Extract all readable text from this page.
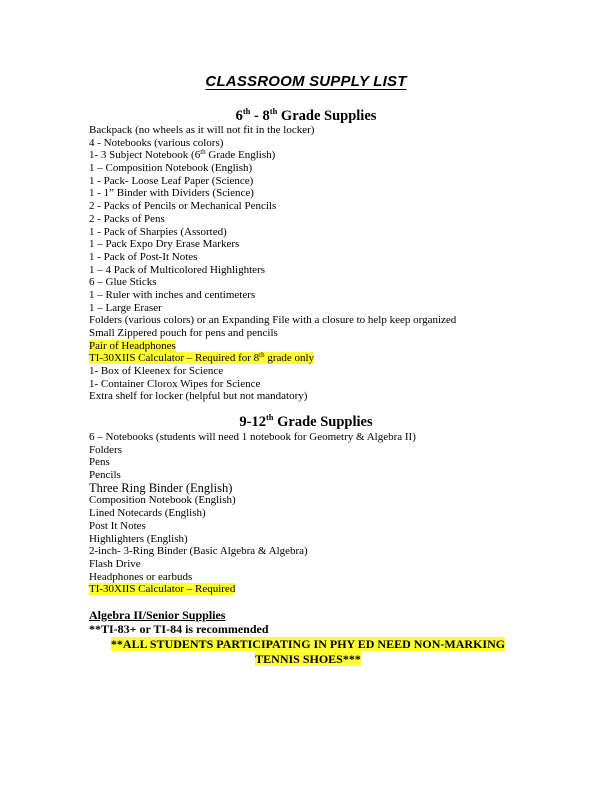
CLASSROOM SUPPLY LIST
6th - 8th Grade Supplies
Backpack (no wheels as it will not fit in the locker)
4 - Notebooks (various colors)
1- 3 Subject Notebook (6th Grade English)
1 – Composition Notebook (English)
1 - Pack- Loose Leaf Paper (Science)
1 - 1” Binder with Dividers (Science)
2 - Packs of Pencils or Mechanical Pencils
2 - Packs of Pens
1 - Pack of Sharpies (Assorted)
1 – Pack Expo Dry Erase Markers
1 - Pack of Post-It Notes
1 – 4 Pack of Multicolored Highlighters
6 – Glue Sticks
1 – Ruler with inches and centimeters
1 – Large Eraser
Folders (various colors) or an Expanding File with a closure to help keep organized
Small Zippered pouch for pens and pencils
Pair of Headphones
TI-30XIIS Calculator – Required for 8th grade only
1- Box of Kleenex for Science
1- Container Clorox Wipes for Science
Extra shelf for locker (helpful but not mandatory)
9-12th Grade Supplies
6 – Notebooks (students will need 1 notebook for Geometry & Algebra II)
Folders
Pens
Pencils
Three Ring Binder (English)
Composition Notebook (English)
Lined Notecards (English)
Post It Notes
Highlighters (English)
2-inch- 3-Ring Binder (Basic Algebra & Algebra)
Flash Drive
Headphones or earbuds
TI-30XIIS Calculator – Required
Algebra II/Senior Supplies
**TI-83+ or TI-84 is recommended
**ALL STUDENTS PARTICIPATING IN PHY ED NEED NON-MARKING
TENNIS SHOES***
